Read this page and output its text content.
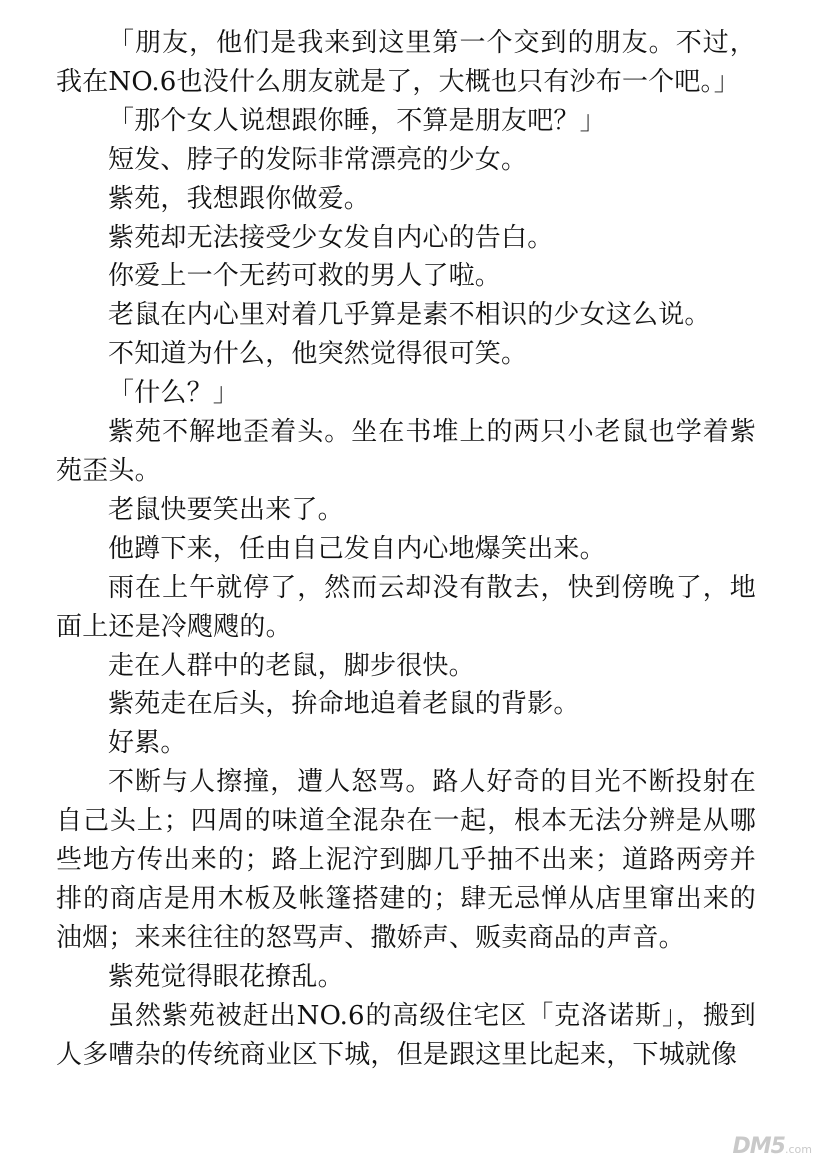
「朋友，他们是我来到这里第一个交到的朋友。不过，我在NO.6也没什么朋友就是了，大概也只有沙布一个吧。」

「那个女人说想跟你睡，不算是朋友吧？」

短发、脖子的发际非常漂亮的少女。

紫苑，我想跟你做爱。

紫苑却无法接受少女发自内心的告白。

你爱上一个无药可救的男人了啦。

老鼠在内心里对着几乎算是素不相识的少女这么说。

不知道为什么，他突然觉得很可笑。

「什么？」

紫苑不解地歪着头。坐在书堆上的两只小老鼠也学着紫苑歪头。

老鼠快要笑出来了。

他蹲下来，任由自己发自内心地爆笑出来。

雨在上午就停了，然而云却没有散去，快到傍晚了，地面上还是冷飕飕的。

走在人群中的老鼠，脚步很快。

紫苑走在后头，拚命地追着老鼠的背影。

好累。

不断与人擦撞，遭人怒骂。路人好奇的目光不断投射在自己头上；四周的味道全混杂在一起，根本无法分辨是从哪些地方传出来的；路上泥泞到脚几乎抽不出来；道路两旁并排的商店是用木板及帐篷搭建的；肆无忌惮从店里窜出来的油烟；来来往往的怒骂声、撒娇声、贩卖商品的声音。

紫苑觉得眼花撩乱。

虽然紫苑被赶出NO.6的高级住宅区「克洛诺斯」，搬到人多嘈杂的传统商业区下城，但是跟这里比起来，下城就像

DM5.com
